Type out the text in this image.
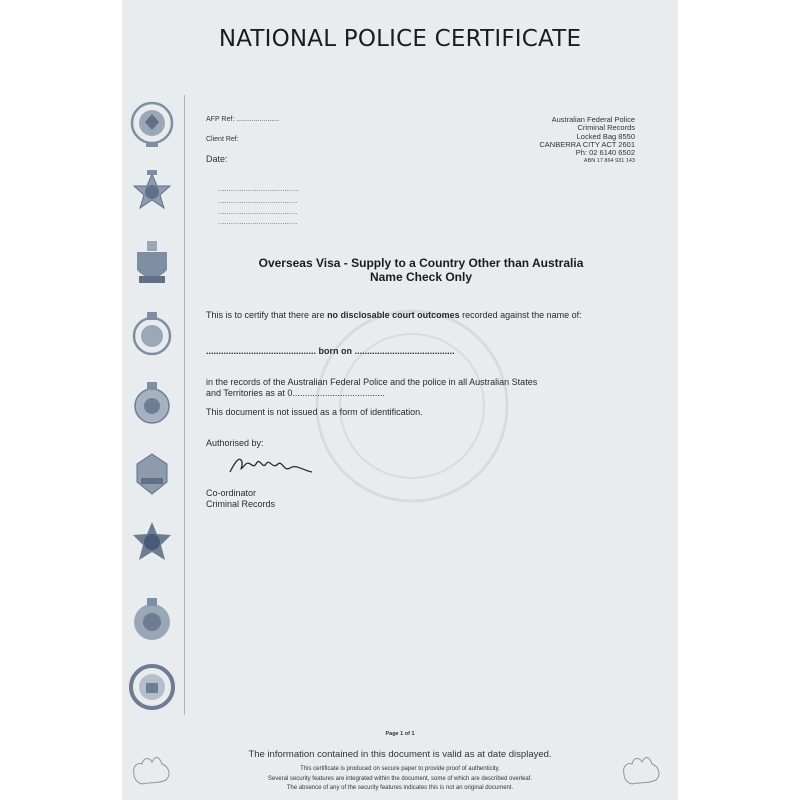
NATIONAL POLICE CERTIFICATE
AFP Ref: ......................
Client Ref:
Date:
Australian Federal Police
Criminal Records
Locked Bag 8550
CANBERRA CITY ACT 2601
Ph: 02 6140 6502
ABN 17 864 931 143
......................................
.....................................
.....................................
.....................................
Overseas Visa - Supply to a Country Other than Australia
Name Check Only
This is to certify that there are no disclosable court outcomes recorded against the name of:
............................................ born on ........................................
in the records of the Australian Federal Police and the police in all Australian States
and Territories as at 0.....................................
This document is not issued as a form of identification.
Authorised by:
Co-ordinator
Criminal Records
Page 1 of 1
The information contained in this document is valid as at date displayed.
This certificate is produced on secure paper to provide proof of authenticity.
Several security features are integrated within the document, some of which are described overleaf.
The absence of any of the security features indicates this is not an original document.
